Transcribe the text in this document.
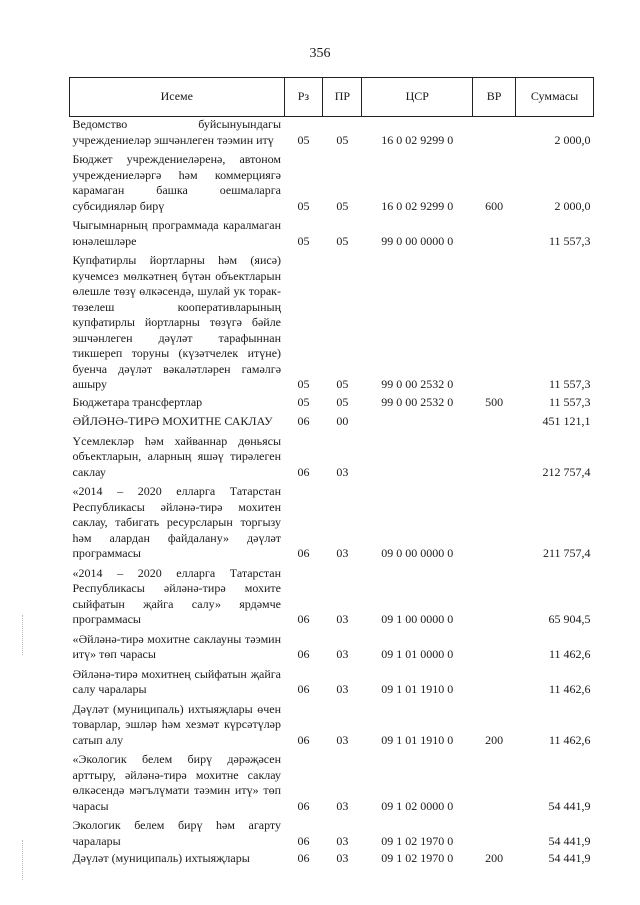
356
Исеме	Рз	ПР	ЦСР	ВР	Суммасы
Ведомство буйсынуындагы учреждениеләр эшчәнлеген тәэмин итү	05	05	16 0 02 9299 0		2 000,0
Бюджет учреждениеләренә, автоном учреждениеләргә һәм коммерциягә карамаган башка оешмаларга субсидияләр бирү	05	05	16 0 02 9299 0	600	2 000,0
Чыгымнарның программада каралмаган юнәлешләре	05	05	99 0 00 0000 0		11 557,3
Купфатирлы йортларны һәм (яисә) кучемсез мөлкәтнең бүтән объектларын өлешле төзү өлкәсендә, шулай ук торак-төзелеш кооперативларының купфатирлы йортларны төзүгә бәйле эшчәнлеген дәүләт тарафыннан тикшереп торуны (күзәтчелек итүне) буенча дәүләт вәкаләтләрен гамәлгә ашыру	05	05	99 0 00 2532 0		11 557,3
Бюджетара трансфертлар	05	05	99 0 00 2532 0	500	11 557,3
ӘЙЛӘНӘ-ТИРӘ МОХИТНЕ САКЛАУ	06	00			451 121,1
Үсемлекләр һәм хайваннар дөньясы объектларын, аларның яшәү тирәлеген саклау	06	03			212 757,4
«2014 – 2020 елларга Татарстан Республикасы әйләнә-тирә мохитен саклау, табигать ресурсларын торгызу һәм алардан файдалану» дәүләт программасы	06	03	09 0 00 0000 0		211 757,4
«2014 – 2020 елларга Татарстан Республикасы әйләнә-тирә мохите сыйфатын җайга салу» ярдәмче программасы	06	03	09 1 00 0000 0		65 904,5
«Әйләнә-тирә мохитне саклауны тәэмин итү» төп чарасы	06	03	09 1 01 0000 0		11 462,6
Әйләнә-тирә мохитнең сыйфатын җайга салу чаралары	06	03	09 1 01 1910 0		11 462,6
Дәүләт (муниципаль) ихтыяҗлары өчен товарлар, эшләр һәм хезмәт күрсәтүләр сатып алу	06	03	09 1 01 1910 0	200	11 462,6
«Экологик белем бирү дәрәҗәсен арттыру, әйләнә-тирә мохитне саклау өлкәсендә мәгълүмати тәэмин итү» төп чарасы	06	03	09 1 02 0000 0		54 441,9
Экологик белем бирү һәм агарту чаралары	06	03	09 1 02 1970 0		54 441,9
Дәүләт (муниципаль) ихтыяҗлары	06	03	09 1 02 1970 0	200	54 441,9
